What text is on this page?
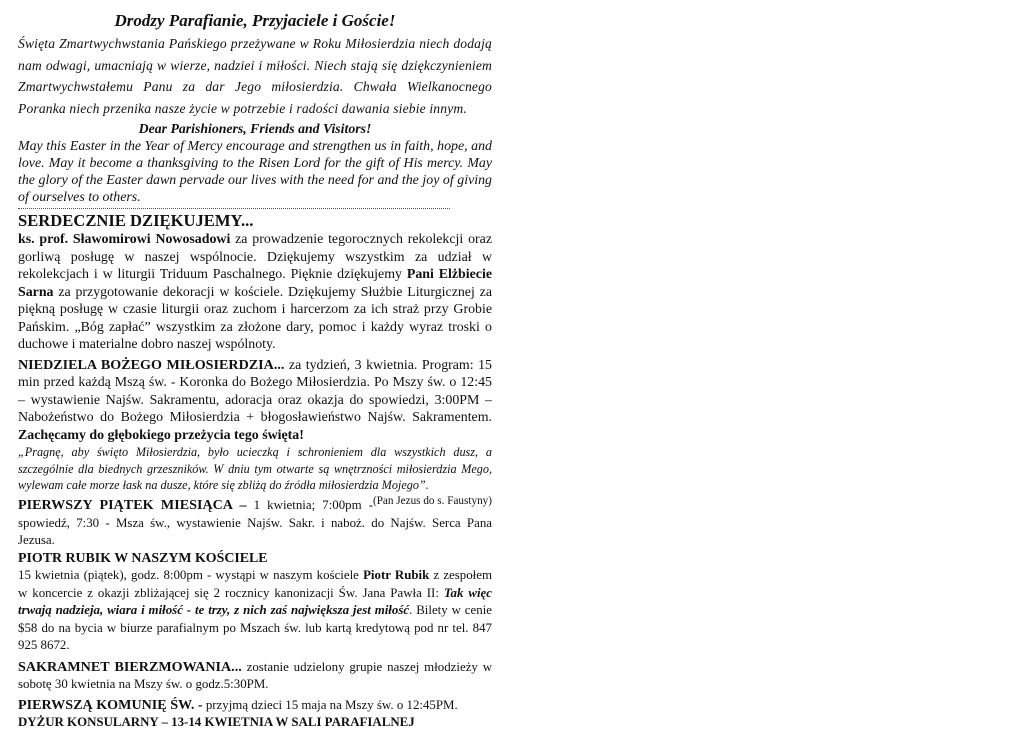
Drodzy Parafianie, Przyjaciele i Goście!

Święta Zmartwychwstania Pańskiego przeżywane w Roku Miłosierdzia niech dodają nam odwagi, umacniają w wierze, nadziei i miłości. Niech stają się dziękczynieniem Zmartwychwstałemu Panu za dar Jego miłosierdzia. Chwała Wielkanocnego Poranka niech przenika nasze życie w potrzebie i radości dawania siebie innym.

Dear Parishioners, Friends and Visitors!

May this Easter in the Year of Mercy encourage and strengthen us in faith, hope, and love. May it become a thanksgiving to the Risen Lord for the gift of His mercy. May the glory of the Easter dawn pervade our lives with the need for and the joy of giving of ourselves to others.

SERDECZNIE DZIĘKUJEMY...

ks. prof. Sławomirowi Nowosadowi za prowadzenie tegorocznych rekolekcji oraz gorliwą posługę w naszej wspólnocie. Dziękujemy wszystkim za udział w rekolekcjach i w liturgii Triduum Paschalnego. Pięknie dziękujemy Pani Elżbiecie Sarna za przygotowanie dekoracji w kościele. Dziękujemy Służbie Liturgicznej za piękną posługę w czasie liturgii oraz zuchom i harcerzom za ich straż przy Grobie Pańskim. „Bóg zapłać” wszystkim za złożone dary, pomoc i każdy wyraz troski o duchowe i materialne dobro naszej wspólnoty.

NIEDZIELA BOŻEGO MIŁOSIERDZIA... za tydzień, 3 kwietnia. Program: 15 min przed każdą Mszą św. - Koronka do Bożego Miłosierdzia. Po Mszy św. o 12:45 – wystawienie Najśw. Sakramentu, adoracja oraz okazja do spowiedzi, 3:00PM – Nabożeństwo do Bożego Miłosierdzia + błogosławieństwo Najśw. Sakramentem. Zachęcamy do głębokiego przeżycia tego święta!

„Pragnę, aby święto Miłosierdzia, było ucieczką i schronieniem dla wszystkich dusz, a szczególnie dla biednych grzeszników. W dniu tym otwarte są wnętrzności miłosierdzia Mego, wylewam całe morze łask na dusze, które się zbliżą do źródła miłosierdzia Mojego”.
(Pan Jezus do s. Faustyny)

PIERWSZY PIĄTEK MIESIĄCA – 1 kwietnia; 7:00pm - spowiedź, 7:30 - Msza św., wystawienie Najśw. Sakr. i naboż. do Najśw. Serca Pana Jezusa.

PIOTR RUBIK W NASZYM KOŚCIELE

15 kwietnia (piątek), godz. 8:00pm - wystąpi w naszym kościele Piotr Rubik z zespołem w koncercie z okazji zbliżającej się 2 rocznicy kanonizacji Św. Jana Pawła II: Tak więc trwają nadzieja, wiara i miłość - te trzy, z nich zaś największa jest miłość. Bilety w cenie $58 do na bycia w biurze parafialnym po Mszach św. lub kartą kredytową pod nr tel. 847 925 8672.

SAKRAMNET BIERZMOWANIA... zostanie udzielony grupie naszej młodzieży w sobotę 30 kwietnia na Mszy św. o godz.5:30PM.

PIERWSZĄ KOMUNIĘ ŚW. - przyjmą dzieci 15 maja na Mszy św. o 12:45PM.

DYŻUR KONSULARNY – 13-14 KWIETNIA W SALI PARAFIALNEJ
